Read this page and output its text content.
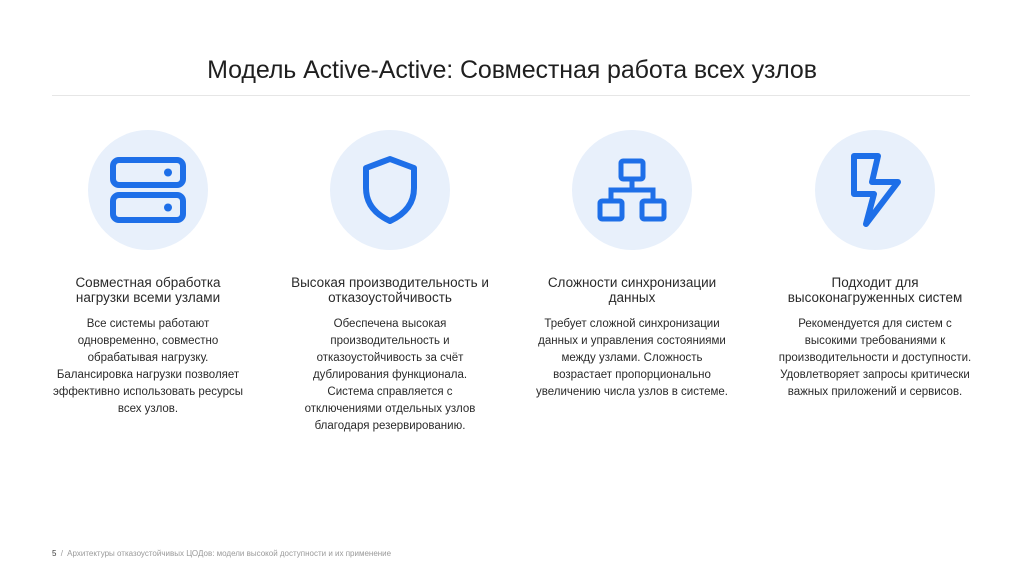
Модель Active-Active: Совместная работа всех узлов
Совместная обработка нагрузки всеми узлами
Все системы работают одновременно, совместно обрабатывая нагрузку. Балансировка нагрузки позволяет эффективно использовать ресурсы всех узлов.
Высокая производительность и отказоустойчивость
Обеспечена высокая производительность и отказоустойчивость за счёт дублирования функционала. Система справляется с отключениями отдельных узлов благодаря резервированию.
Сложности синхронизации данных
Требует сложной синхронизации данных и управления состояниями между узлами. Сложность возрастает пропорционально увеличению числа узлов в системе.
Подходит для высоконагруженных систем
Рекомендуется для систем с высокими требованиями к производительности и доступности. Удовлетворяет запросы критически важных приложений и сервисов.
5 / Архитектуры отказоустойчивых ЦОДов: модели высокой доступности и их применение
